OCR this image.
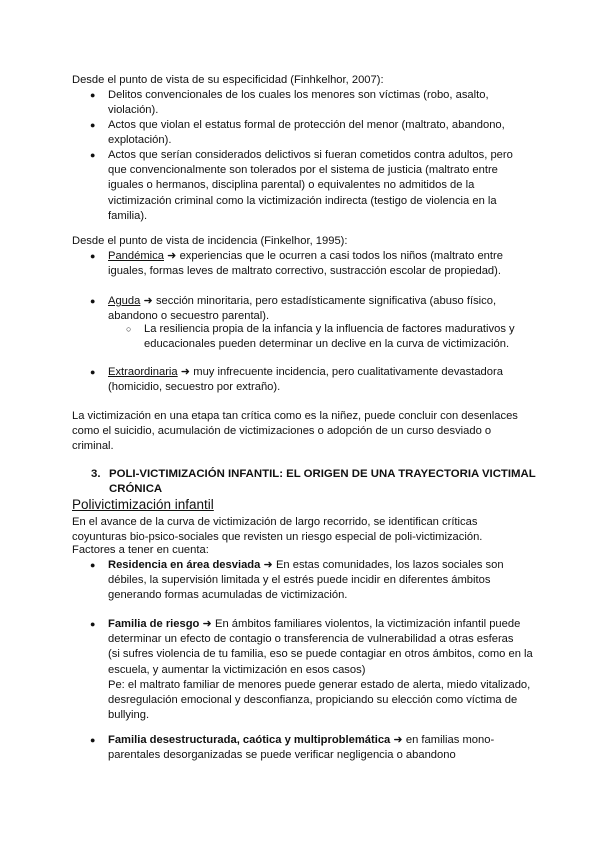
Desde el punto de vista de su especificidad (Finhkelhor, 2007):
● Delitos convencionales de los cuales los menores son víctimas (robo, asalto, violación).
● Actos que violan el estatus formal de protección del menor (maltrato, abandono, explotación).
● Actos que serían considerados delictivos si fueran cometidos contra adultos, pero que convencionalmente son tolerados por el sistema de justicia (maltrato entre iguales o hermanos, disciplina parental) o equivalentes no admitidos de la victimización criminal como la victimización indirecta (testigo de violencia en la familia).
Desde el punto de vista de incidencia (Finkelhor, 1995):
● Pandémica ➜ experiencias que le ocurren a casi todos los niños (maltrato entre iguales, formas leves de maltrato correctivo, sustracción escolar de propiedad).
● Aguda ➜ sección minoritaria, pero estadísticamente significativa (abuso físico, abandono o secuestro parental).
○ La resiliencia propia de la infancia y la influencia de factores madurativos y educacionales pueden determinar un declive en la curva de victimización.
● Extraordinaria ➜ muy infrecuente incidencia, pero cualitativamente devastadora (homicidio, secuestro por extraño).
La victimización en una etapa tan crítica como es la niñez, puede concluir con desenlaces como el suicidio, acumulación de victimizaciones o adopción de un curso desviado o criminal.
3. POLI-VICTIMIZACIÓN INFANTIL: EL ORIGEN DE UNA TRAYECTORIA VICTIMAL CRÓNICA
Polivictimización infantil
En el avance de la curva de victimización de largo recorrido, se identifican críticas coyunturas bio-psico-sociales que revisten un riesgo especial de poli-victimización.
Factores a tener en cuenta:
● Residencia en área desviada ➜ En estas comunidades, los lazos sociales son débiles, la supervisión limitada y el estrés puede incidir en diferentes ámbitos generando formas acumuladas de victimización.
● Familia de riesgo ➜ En ámbitos familiares violentos, la victimización infantil puede determinar un efecto de contagio o transferencia de vulnerabilidad a otras esferas
(si sufres violencia de tu familia, eso se puede contagiar en otros ámbitos, como en la escuela, y aumentar la victimización en esos casos)
Pe: el maltrato familiar de menores puede generar estado de alerta, miedo vitalizado, desregulación emocional y desconfianza, propiciando su elección como víctima de bullying.
● Familia desestructurada, caótica y multiproblemática ➜ en familias mono-parentales desorganizadas se puede verificar negligencia o abandono
